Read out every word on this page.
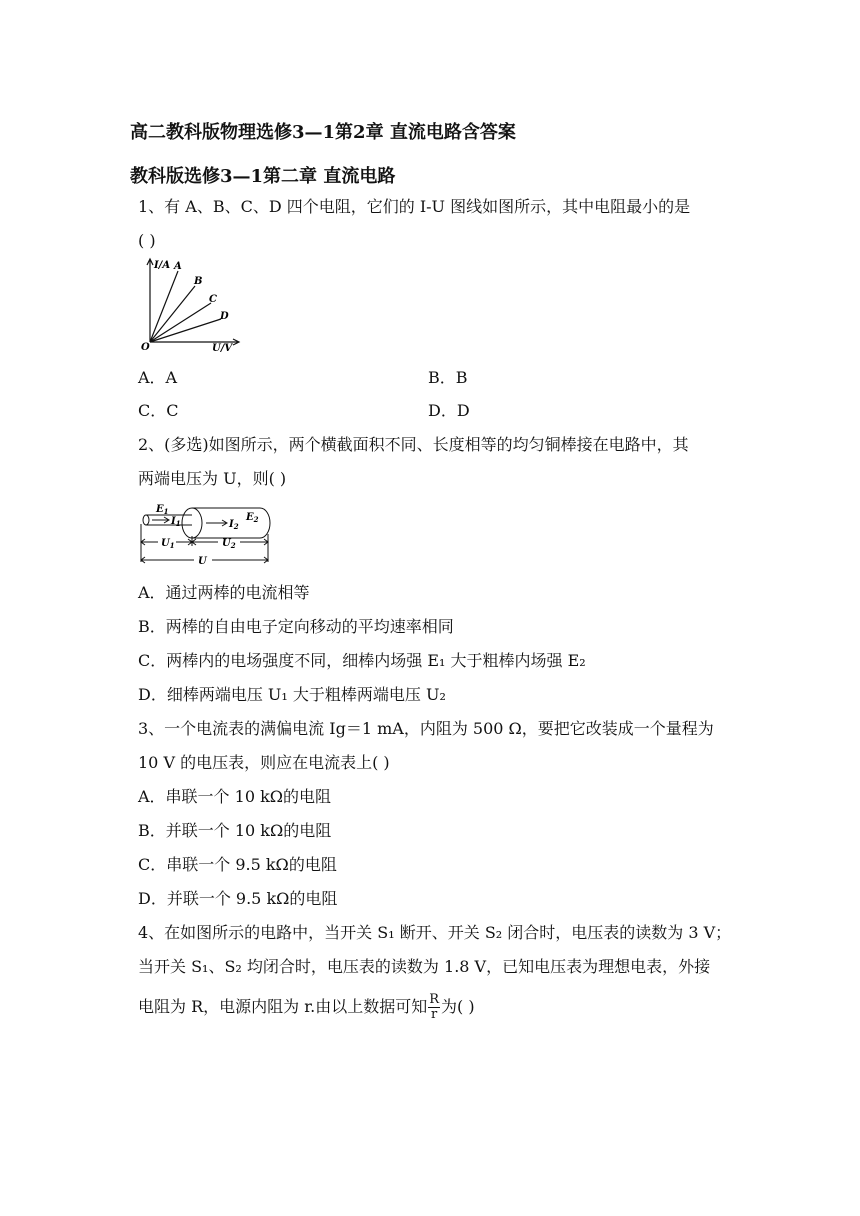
高二教科版物理选修3—1第2章 直流电路含答案
教科版选修3—1第二章 直流电路
1、有 A、B、C、D 四个电阻，它们的 I-U 图线如图所示，其中电阻最小的是
( )
I/A
U/V
O
A
B
C
D
A．A	B．B
C．C	D．D
2、(多选)如图所示，两个横截面积不同、长度相等的均匀铜棒接在电路中，其
两端电压为 U，则( )
$E_1$
$I_1$	$I_2$
$E_2$
$U_1$	$U_2$
U
A．通过两棒的电流相等
B．两棒的自由电子定向移动的平均速率相同
C．两棒内的电场强度不同，细棒内场强 E₁ 大于粗棒内场强 E₂
D．细棒两端电压 U₁ 大于粗棒两端电压 U₂
3、一个电流表的满偏电流 Ig＝1 mA，内阻为 500 Ω，要把它改装成一个量程为
10 V 的电压表，则应在电流表上( )
A．串联一个 10 kΩ的电阻
B．并联一个 10 kΩ的电阻
C．串联一个 9.5 kΩ的电阻
D．并联一个 9.5 kΩ的电阻
4、在如图所示的电路中，当开关 S₁ 断开、开关 S₂ 闭合时，电压表的读数为 3 V；
当开关 S₁、S₂ 均闭合时，电压表的读数为 1.8 V，已知电压表为理想电表，外接
电阻为 R，电源内阻为 r.由以上数据可知 $\frac{R}{r}$ 为( )
